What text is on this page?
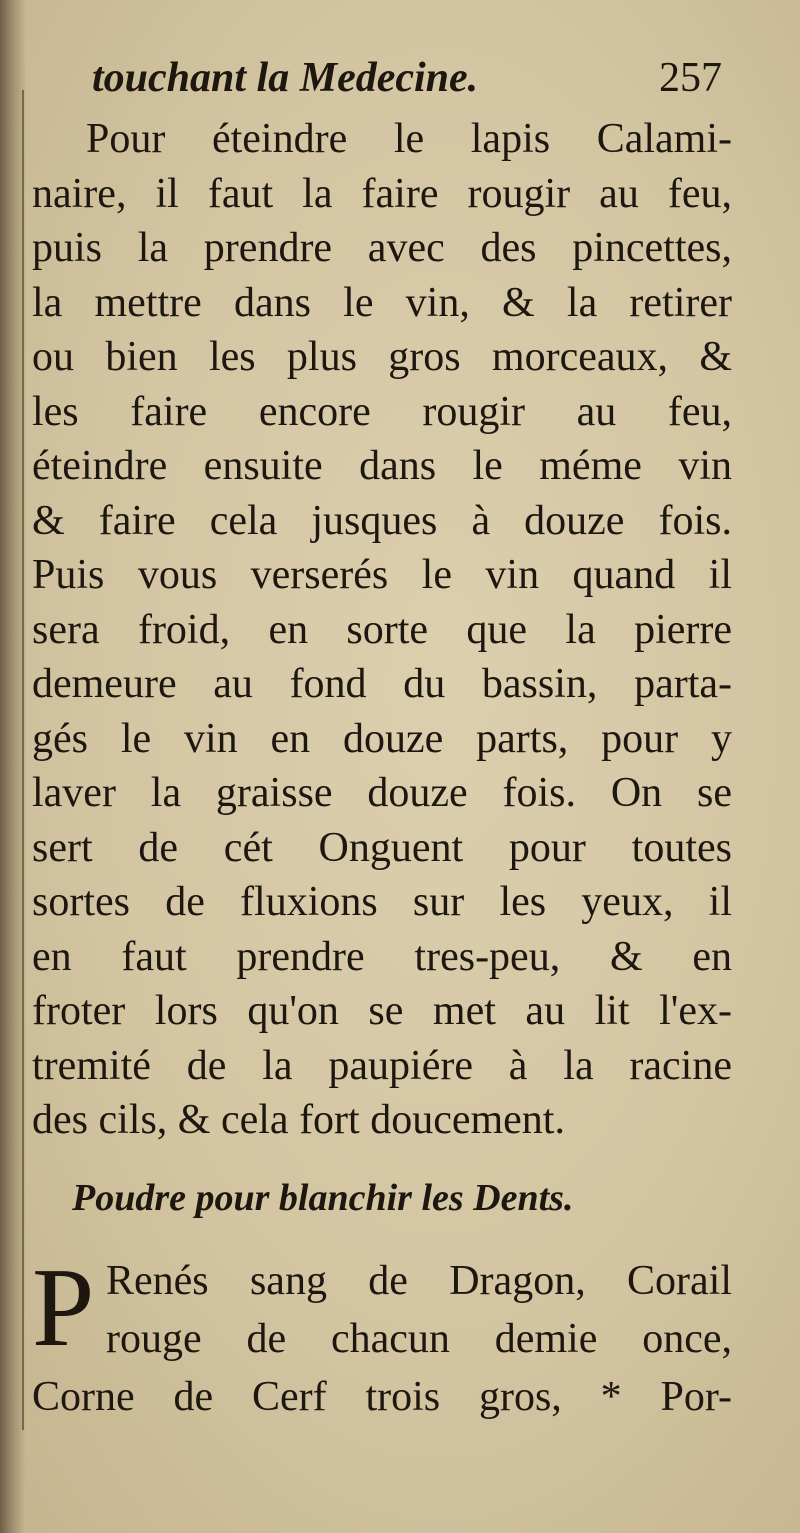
touchant la Medecine.	257
Pour éteindre le lapis Calami-
naire, il faut la faire rougir au feu,
puis la prendre avec des pincettes,
la mettre dans le vin, & la retirer
ou bien les plus gros morceaux, &
les faire encore rougir au feu,
éteindre ensuite dans le méme vin
& faire cela jusques à douze fois.
Puis vous verserés le vin quand il
sera froid, en sorte que la pierre
demeure au fond du bassin, parta-
gés le vin en douze parts, pour y
laver la graisse douze fois. On se
sert de cét Onguent pour toutes
sortes de fluxions sur les yeux, il
en faut prendre tres-peu, & en
froter lors qu'on se met au lit l'ex-
tremité de la paupiére à la racine
des cils, & cela fort doucement.
Poudre pour blanchir les Dents.
P Renés sang de Dragon, Corail
rouge de chacun demie once,
Corne de Cerf trois gros, * Por-
